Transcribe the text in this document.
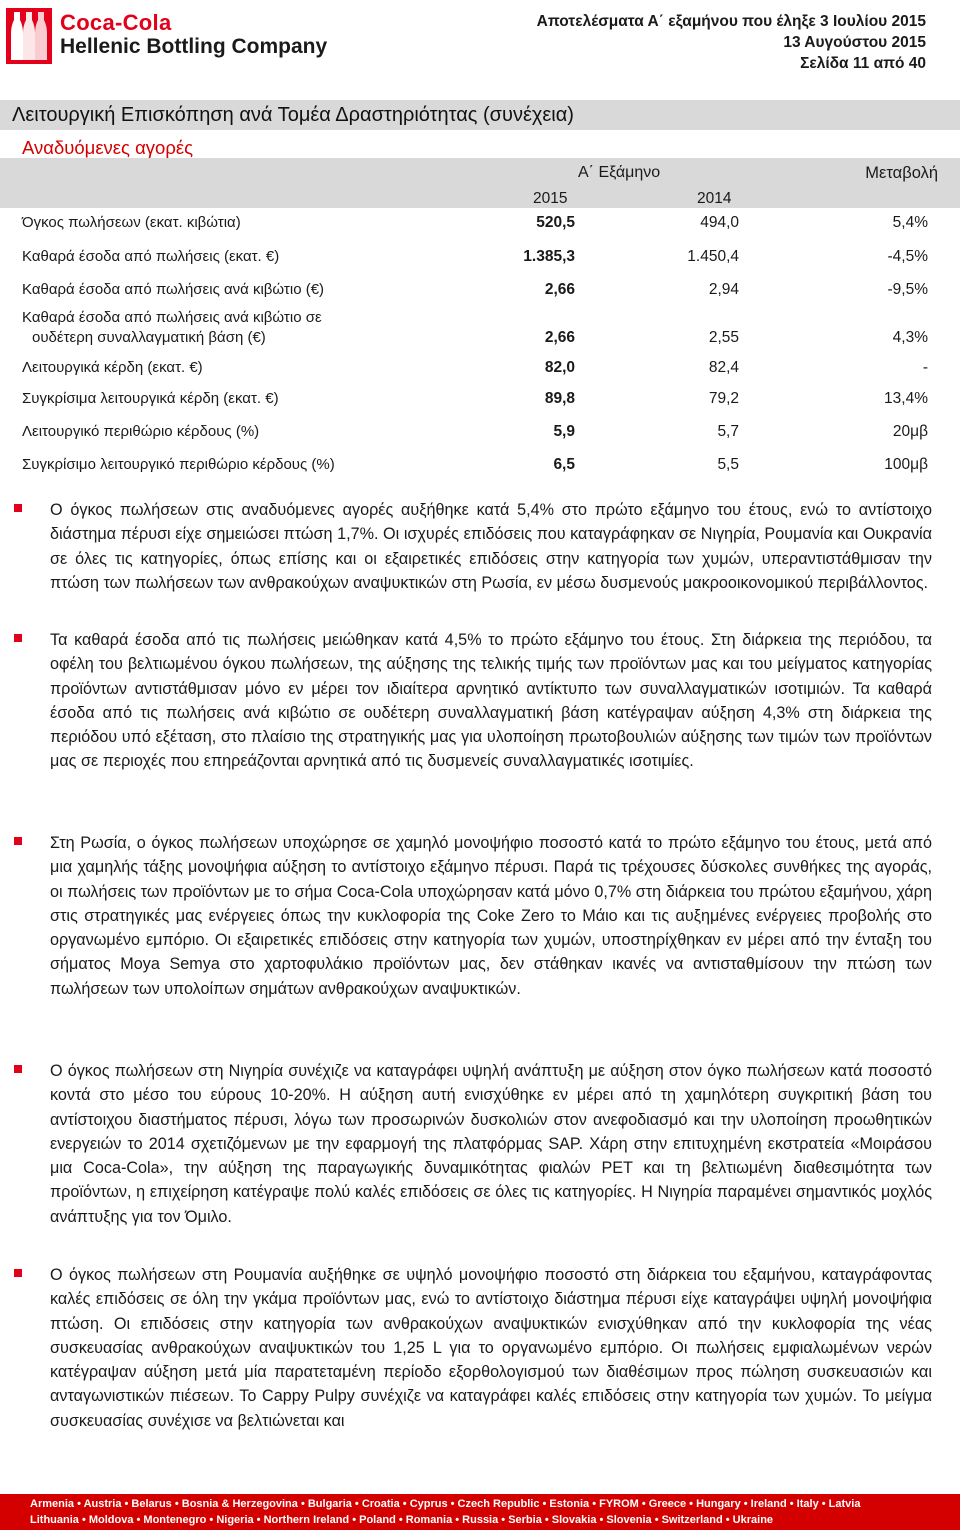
Coca-Cola
Hellenic Bottling Company
Αποτελέσματα Α΄ εξαμήνου που έληξε 3 Ιουλίου 2015
13 Αυγούστου 2015
Σελίδα 11 από 40
Λειτουργική Επισκόπηση ανά Τομέα Δραστηριότητας (συνέχεια)
Αναδυόμενες αγορές
Α΄ Εξάμηνο	Μεταβολή
2015	2014
Όγκος πωλήσεων (εκατ. κιβώτια)	520,5	494,0	5,4%
Καθαρά έσοδα από πωλήσεις (εκατ. €)	1.385,3	1.450,4	-4,5%
Καθαρά έσοδα από πωλήσεις ανά κιβώτιο (€)	2,66	2,94	-9,5%
Καθαρά έσοδα από πωλήσεις ανά κιβώτιο σε
ουδέτερη συναλλαγματική βάση (€)	2,66	2,55	4,3%
Λειτουργικά κέρδη (εκατ. €)	82,0	82,4	-
Συγκρίσιμα λειτουργικά κέρδη (εκατ. €)	89,8	79,2	13,4%
Λειτουργικό περιθώριο κέρδους (%)	5,9	5,7	20μβ
Συγκρίσιμο λειτουργικό περιθώριο κέρδους (%)	6,5	5,5	100μβ
Ο όγκος πωλήσεων στις αναδυόμενες αγορές αυξήθηκε κατά 5,4% στο πρώτο εξάμηνο του έτους, ενώ το αντίστοιχο διάστημα πέρυσι είχε σημειώσει πτώση 1,7%. Οι ισχυρές επιδόσεις που καταγράφηκαν σε Νιγηρία, Ρουμανία και Ουκρανία σε όλες τις κατηγορίες, όπως επίσης και οι εξαιρετικές επιδόσεις στην κατηγορία των χυμών, υπεραντιστάθμισαν την πτώση των πωλήσεων των ανθρακούχων αναψυκτικών στη Ρωσία, εν μέσω δυσμενούς μακροοικονομικού περιβάλλοντος.
Τα καθαρά έσοδα από τις πωλήσεις μειώθηκαν κατά 4,5% το πρώτο εξάμηνο του έτους. Στη διάρκεια της περιόδου, τα οφέλη του βελτιωμένου όγκου πωλήσεων, της αύξησης της τελικής τιμής των προϊόντων μας και του μείγματος κατηγορίας προϊόντων αντιστάθμισαν μόνο εν μέρει τον ιδιαίτερα αρνητικό αντίκτυπο των συναλλαγματικών ισοτιμιών. Τα καθαρά έσοδα από τις πωλήσεις ανά κιβώτιο σε ουδέτερη συναλλαγματική βάση κατέγραψαν αύξηση 4,3% στη διάρκεια της περιόδου υπό εξέταση, στο πλαίσιο της στρατηγικής μας για υλοποίηση πρωτοβουλιών αύξησης των τιμών των προϊόντων μας σε περιοχές που επηρεάζονται αρνητικά από τις δυσμενείς συναλλαγματικές ισοτιμίες.
Στη Ρωσία, ο όγκος πωλήσεων υποχώρησε σε χαμηλό μονοψήφιο ποσοστό κατά το πρώτο εξάμηνο του έτους, μετά από μια χαμηλής τάξης μονοψήφια αύξηση το αντίστοιχο εξάμηνο πέρυσι. Παρά τις τρέχουσες δύσκολες συνθήκες της αγοράς, οι πωλήσεις των προϊόντων με το σήμα Coca-Cola υποχώρησαν κατά μόνο 0,7% στη διάρκεια του πρώτου εξαμήνου, χάρη στις στρατηγικές μας ενέργειες όπως την κυκλοφορία της Coke Zero το Μάιο και τις αυξημένες ενέργειες προβολής στο οργανωμένο εμπόριο. Οι εξαιρετικές επιδόσεις στην κατηγορία των χυμών, υποστηρίχθηκαν εν μέρει από την ένταξη του σήματος Moya Semya στο χαρτοφυλάκιο προϊόντων μας, δεν στάθηκαν ικανές να αντισταθμίσουν την πτώση των πωλήσεων των υπολοίπων σημάτων ανθρακούχων αναψυκτικών.
Ο όγκος πωλήσεων στη Νιγηρία συνέχιζε να καταγράφει υψηλή ανάπτυξη με αύξηση στον όγκο πωλήσεων κατά ποσοστό κοντά στο μέσο του εύρους 10-20%. Η αύξηση αυτή ενισχύθηκε εν μέρει από τη χαμηλότερη συγκριτική βάση του αντίστοιχου διαστήματος πέρυσι, λόγω των προσωρινών δυσκολιών στον ανεφοδιασμό και την υλοποίηση προωθητικών ενεργειών το 2014 σχετιζόμενων με την εφαρμογή της πλατφόρμας SAP. Χάρη στην επιτυχημένη εκστρατεία «Μοιράσου μια Coca-Cola», την αύξηση της παραγωγικής δυναμικότητας φιαλών PET και τη βελτιωμένη διαθεσιμότητα των προϊόντων, η επιχείρηση κατέγραψε πολύ καλές επιδόσεις σε όλες τις κατηγορίες. Η Νιγηρία παραμένει σημαντικός μοχλός ανάπτυξης για τον Όμιλο.
Ο όγκος πωλήσεων στη Ρουμανία αυξήθηκε σε υψηλό μονοψήφιο ποσοστό στη διάρκεια του εξαμήνου, καταγράφοντας καλές επιδόσεις σε όλη την γκάμα προϊόντων μας, ενώ το αντίστοιχο διάστημα πέρυσι είχε καταγράψει υψηλή μονοψήφια πτώση. Οι επιδόσεις στην κατηγορία των ανθρακούχων αναψυκτικών ενισχύθηκαν από την κυκλοφορία της νέας συσκευασίας ανθρακούχων αναψυκτικών του 1,25 L για το οργανωμένο εμπόριο. Οι πωλήσεις εμφιαλωμένων νερών κατέγραψαν αύξηση μετά μία παρατεταμένη περίοδο εξορθολογισμού των διαθέσιμων προς πώληση συσκευασιών και ανταγωνιστικών πιέσεων. Το Cappy Pulpy συνέχιζε να καταγράφει καλές επιδόσεις στην κατηγορία των χυμών. Το μείγμα συσκευασίας συνέχισε να βελτιώνεται και
Armenia • Austria • Belarus • Bosnia & Herzegovina • Bulgaria • Croatia • Cyprus • Czech Republic • Estonia • FYROM • Greece • Hungary • Ireland • Italy • Latvia
Lithuania • Moldova • Montenegro • Nigeria • Northern Ireland • Poland • Romania • Russia • Serbia • Slovakia • Slovenia • Switzerland • Ukraine
